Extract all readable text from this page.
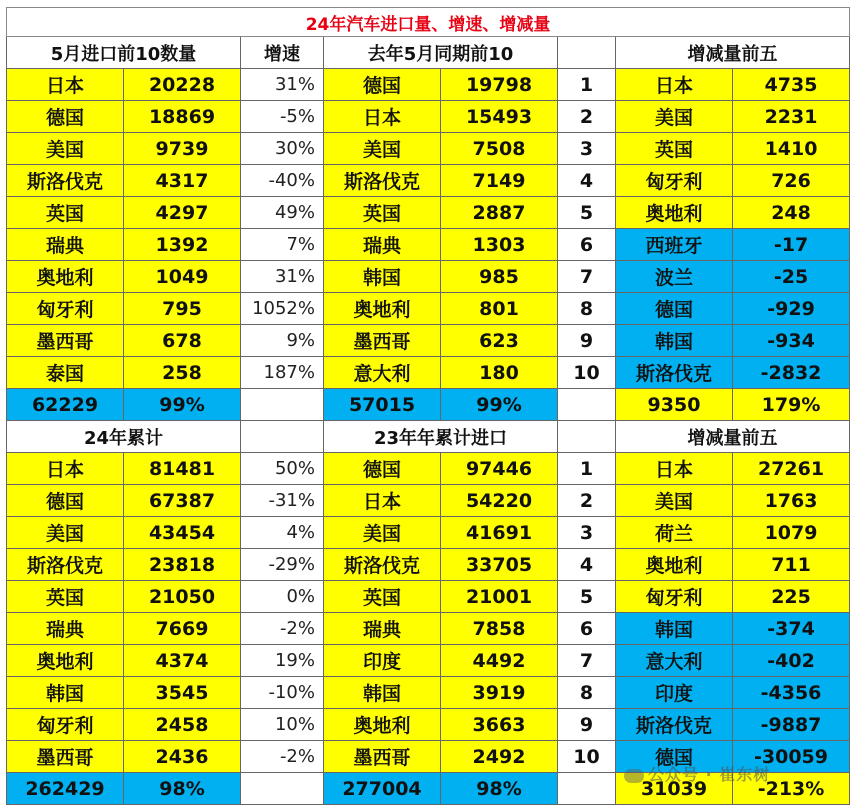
24年汽车进口量、增速、增减量							
5月进口前10数量		增速	去年5月同期前10			增减量前五	
日本	20228	31%	德国	19798	1	日本	4735
德国	18869	-5%	日本	15493	2	美国	2231
美国	9739	30%	美国	7508	3	英国	1410
斯洛伐克	4317	-40%	斯洛伐克	7149	4	匈牙利	726
英国	4297	49%	英国	2887	5	奥地利	248
瑞典	1392	7%	瑞典	1303	6	西班牙	-17
奥地利	1049	31%	韩国	985	7	波兰	-25
匈牙利	795	1052%	奥地利	801	8	德国	-929
墨西哥	678	9%	墨西哥	623	9	韩国	-934
泰国	258	187%	意大利	180	10	斯洛伐克	-2832
62229	99%		57015	99%		9350	179%
24年累计			23年年累计进口			增减量前五	
日本	81481	50%	德国	97446	1	日本	27261
德国	67387	-31%	日本	54220	2	美国	1763
美国	43454	4%	美国	41691	3	荷兰	1079
斯洛伐克	23818	-29%	斯洛伐克	33705	4	奥地利	711
英国	21050	0%	英国	21001	5	匈牙利	225
瑞典	7669	-2%	瑞典	7858	6	韩国	-374
奥地利	4374	19%	印度	4492	7	意大利	-402
韩国	3545	-10%	韩国	3919	8	印度	-4356
匈牙利	2458	10%	奥地利	3663	9	斯洛伐克	-9887
墨西哥	2436	-2%	墨西哥	2492	10	德国	-30059
262429	98%		277004	98%		31039	-213%
公众号 · 崔东树
